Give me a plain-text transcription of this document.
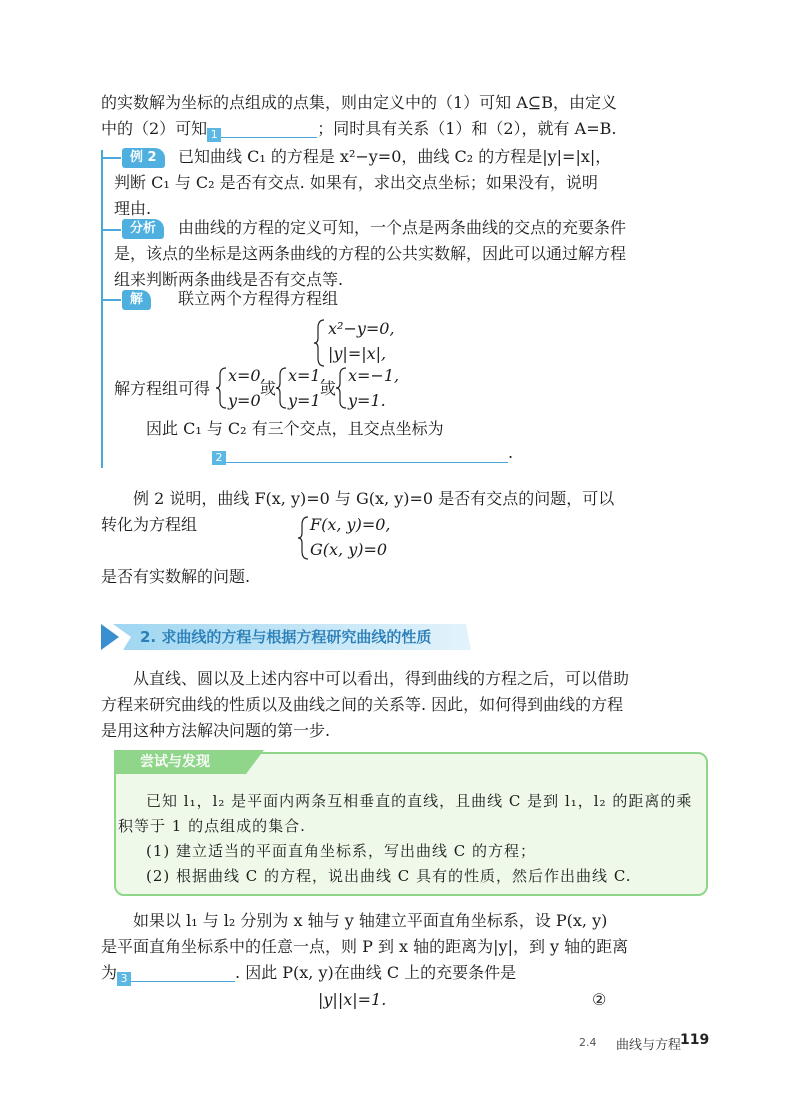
的实数解为坐标的点组成的点集，则由定义中的（1）可知 A⊆B，由定义
中的（2）可知 1	；同时具有关系（1）和（2），就有 A=B.
例 2	已知曲线 C₁ 的方程是 x²−y=0，曲线 C₂ 的方程是|y|=|x|，
判断 C₁ 与 C₂ 是否有交点. 如果有，求出交点坐标；如果没有，说明
理由.
分析	由曲线的方程的定义可知，一个点是两条曲线的交点的充要条件
是，该点的坐标是这两条曲线的方程的公共实数解，因此可以通过解方程
组来判断两条曲线是否有交点等.
解	联立两个方程得方程组
x²−y=0,
|y|=|x|,
解方程组可得
x=0,
y=0
或
x=1,
y=1
或
x=−1,
y=1.
因此 C₁ 与 C₂ 有三个交点，且交点坐标为
2	.
例 2 说明，曲线 F(x, y)=0 与 G(x, y)=0 是否有交点的问题，可以
转化为方程组	F(x, y)=0,
G(x, y)=0
是否有实数解的问题.
2. 求曲线的方程与根据方程研究曲线的性质
从直线、圆以及上述内容中可以看出，得到曲线的方程之后，可以借助
方程来研究曲线的性质以及曲线之间的关系等. 因此，如何得到曲线的方程
是用这种方法解决问题的第一步.
尝试与发现
已知 l₁，l₂ 是平面内两条互相垂直的直线，且曲线 C 是到 l₁，l₂ 的距离的乘
积等于 1 的点组成的集合.
(1) 建立适当的平面直角坐标系，写出曲线 C 的方程；
(2) 根据曲线 C 的方程，说出曲线 C 具有的性质，然后作出曲线 C.
如果以 l₁ 与 l₂ 分别为 x 轴与 y 轴建立平面直角坐标系，设 P(x, y)
是平面直角坐标系中的任意一点，则 P 到 x 轴的距离为|y|，到 y 轴的距离
为 3	. 因此 P(x, y)在曲线 C 上的充要条件是
|y||x|=1.	②
2.4 曲线与方程
119
